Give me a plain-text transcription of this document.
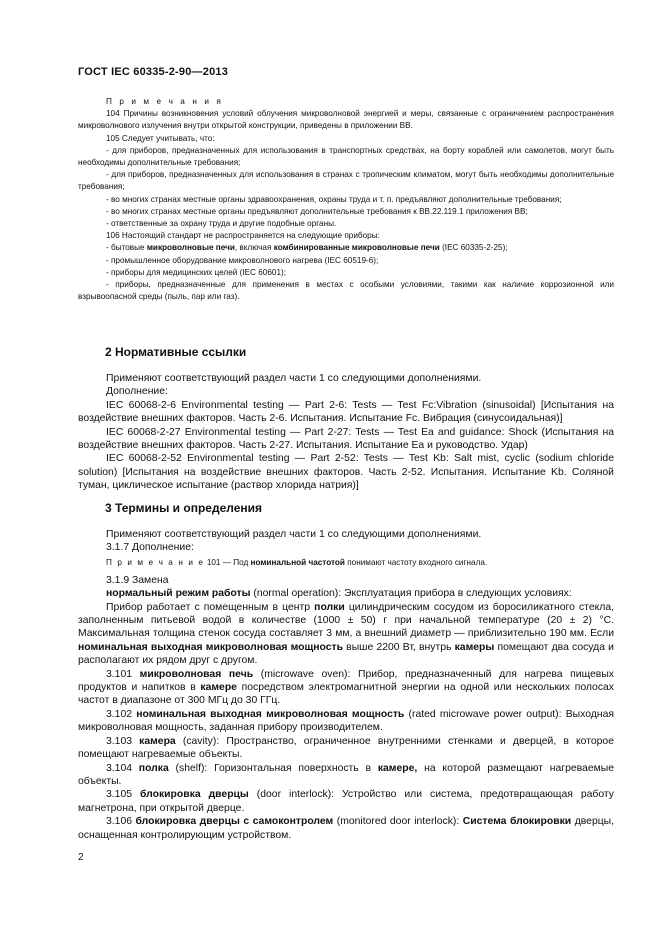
ГОСТ IEC 60335-2-90—2013

П р и м е ч а н и я

104 Причины возникновения условий облучения микроволновой энергией и меры, связанные с ограничением распространения микроволнового излучения внутри открытой конструкции, приведены в приложении ВВ.

105 Следует учитывать, что:

- для приборов, предназначенных для использования в транспортных средствах, на борту кораблей или самолетов, могут быть необходимы дополнительные требования;

- для приборов, предназначенных для использования в странах с тропическим климатом, могут быть необходимы дополнительные требования;

- во многих странах местные органы здравоохранения, охраны труда и т. п. предъявляют дополнительные требования;

- во многих странах местные органы предъявляют дополнительные требования к ВВ.22.119.1 приложения ВВ;

- ответственные за охрану труда и другие подобные органы.

106 Настоящий стандарт не распространяется на следующие приборы:

- бытовые микроволновые печи, включая комбинированные микроволновые печи (IEC 60335-2-25);

- промышленное оборудование микроволнового нагрева (IEC 60519-6);

- приборы для медицинских целей (IEC 60601);

- приборы, предназначенные для применения в местах с особыми условиями, такими как наличие коррозионной или взрывоопасной среды (пыль, пар или газ).

2 Нормативные ссылки

Применяют соответствующий раздел части 1 со следующими дополнениями.

Дополнение:

IEC 60068-2-6 Environmental testing — Part 2-6: Tests — Test Fc:Vibration (sinusoidal) [Испытания на воздействие внешних факторов. Часть 2-6. Испытания. Испытание Fc. Вибрация (синусоидальная)]

IEC 60068-2-27 Environmental testing — Part 2-27: Tests — Test Ea and guidance: Shock (Испытания на воздействие внешних факторов. Часть 2-27. Испытания. Испытание Ea и руководство. Удар)

IEC 60068-2-52 Environmental testing — Part 2-52: Tests — Test Kb: Salt mist, cyclic (sodium chloride solution) [Испытания на воздействие внешних факторов. Часть 2-52. Испытания. Испытание Kb. Соляной туман, циклическое испытание (раствор хлорида натрия)]

3 Термины и определения

Применяют соответствующий раздел части 1 со следующими дополнениями.

3.1.7 Дополнение:

П р и м е ч а н и е 101 — Под номинальной частотой понимают частоту входного сигнала.

3.1.9 Замена

нормальный режим работы (normal operation): Эксплуатация прибора в следующих условиях:

Прибор работает с помещенным в центр полки цилиндрическим сосудом из боросиликатного стекла, заполненным питьевой водой в количестве (1000 ± 50) г при начальной температуре (20 ± 2) °С. Максимальная толщина стенок сосуда составляет 3 мм, а внешний диаметр — приблизительно 190 мм. Если номинальная выходная микроволновая мощность выше 2200 Вт, внутрь камеры помещают два сосуда и располагают их рядом друг с другом.

3.101 микроволновая печь (microwave oven): Прибор, предназначенный для нагрева пищевых продуктов и напитков в камере посредством электромагнитной энергии на одной или нескольких полосах частот в диапазоне от 300 МГц до 30 ГГц.

3.102 номинальная выходная микроволновая мощность (rated microwave power output): Выходная микроволновая мощность, заданная прибору производителем.

3.103 камера (cavity): Пространство, ограниченное внутренними стенками и дверцей, в которое помещают нагреваемые объекты.

3.104 полка (shelf): Горизонтальная поверхность в камере, на которой размещают нагреваемые объекты.

3.105 блокировка дверцы (door interlock): Устройство или система, предотвращающая работу магнетрона, при открытой дверце.

3.106 блокировка дверцы с самоконтролем (monitored door interlock): Система блокировки дверцы, оснащенная контролирующим устройством.

2
